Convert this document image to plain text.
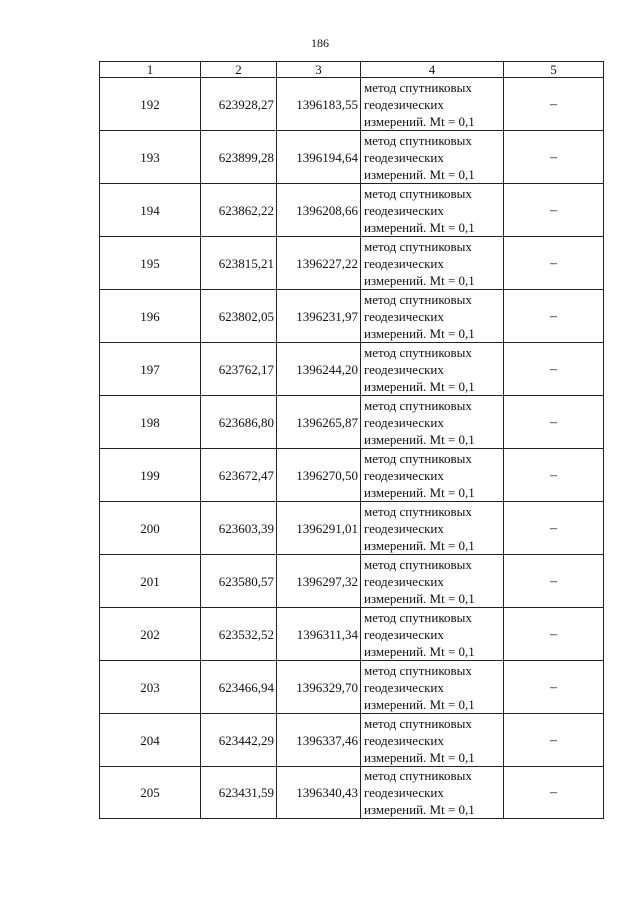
186
1	2	3	4	5
192	623928,27	1396183,55	метод спутниковых
геодезических
измерений. Mt = 0,1	–
193	623899,28	1396194,64	метод спутниковых
геодезических
измерений. Mt = 0,1	–
194	623862,22	1396208,66	метод спутниковых
геодезических
измерений. Mt = 0,1	–
195	623815,21	1396227,22	метод спутниковых
геодезических
измерений. Mt = 0,1	–
196	623802,05	1396231,97	метод спутниковых
геодезических
измерений. Mt = 0,1	–
197	623762,17	1396244,20	метод спутниковых
геодезических
измерений. Mt = 0,1	–
198	623686,80	1396265,87	метод спутниковых
геодезических
измерений. Mt = 0,1	–
199	623672,47	1396270,50	метод спутниковых
геодезических
измерений. Mt = 0,1	–
200	623603,39	1396291,01	метод спутниковых
геодезических
измерений. Mt = 0,1	–
201	623580,57	1396297,32	метод спутниковых
геодезических
измерений. Mt = 0,1	–
202	623532,52	1396311,34	метод спутниковых
геодезических
измерений. Mt = 0,1	–
203	623466,94	1396329,70	метод спутниковых
геодезических
измерений. Mt = 0,1	–
204	623442,29	1396337,46	метод спутниковых
геодезических
измерений. Mt = 0,1	–
205	623431,59	1396340,43	метод спутниковых
геодезических
измерений. Mt = 0,1	–
